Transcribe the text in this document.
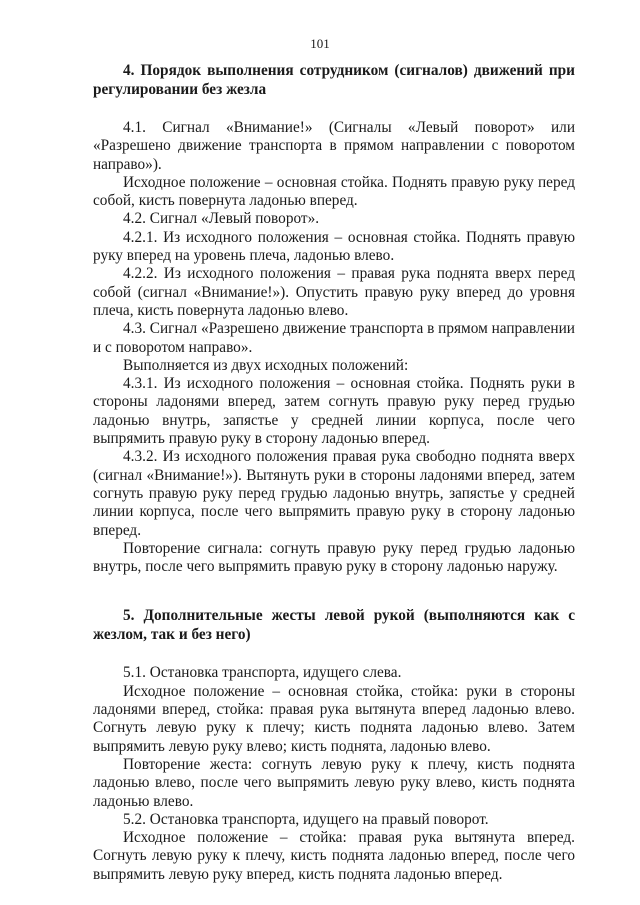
101
4. Порядок выполнения сотрудником (сигналов) движений при регулировании без жезла

4.1. Сигнал «Внимание!» (Сигналы «Левый поворот» или «Разрешено движение транспорта в прямом направлении с поворотом направо»).

Исходное положение – основная стойка. Поднять правую руку перед собой, кисть повернута ладонью вперед.

4.2. Сигнал «Левый поворот».

4.2.1. Из исходного положения – основная стойка. Поднять правую руку вперед на уровень плеча, ладонью влево.

4.2.2. Из исходного положения – правая рука поднята вверх перед собой (сигнал «Внимание!»). Опустить правую руку вперед до уровня плеча, кисть повернута ладонью влево.

4.3. Сигнал «Разрешено движение транспорта в прямом направлении и с поворотом направо».

Выполняется из двух исходных положений:

4.3.1. Из исходного положения – основная стойка. Поднять руки в стороны ладонями вперед, затем согнуть правую руку перед грудью ладонью внутрь, запястье у средней линии корпуса, после чего выпрямить правую руку в сторону ладонью вперед.

4.3.2. Из исходного положения правая рука свободно поднята вверх (сигнал «Внимание!»). Вытянуть руки в стороны ладонями вперед, затем согнуть правую руку перед грудью ладонью внутрь, запястье у средней линии корпуса, после чего выпрямить правую руку в сторону ладонью вперед.

Повторение сигнала: согнуть правую руку перед грудью ладонью внутрь, после чего выпрямить правую руку в сторону ладонью наружу.

5. Дополнительные жесты левой рукой (выполняются как с жезлом, так и без него)

5.1. Остановка транспорта, идущего слева.

Исходное положение – основная стойка, стойка: руки в стороны ладонями вперед, стойка: правая рука вытянута вперед ладонью влево. Согнуть левую руку к плечу; кисть поднята ладонью влево. Затем выпрямить левую руку влево; кисть поднята, ладонью влево.

Повторение жеста: согнуть левую руку к плечу, кисть поднята ладонью влево, после чего выпрямить левую руку влево, кисть поднята ладонью влево.

5.2. Остановка транспорта, идущего на правый поворот.

Исходное положение – стойка: правая рука вытянута вперед. Согнуть левую руку к плечу, кисть поднята ладонью вперед, после чего выпрямить левую руку вперед, кисть поднята ладонью вперед.
